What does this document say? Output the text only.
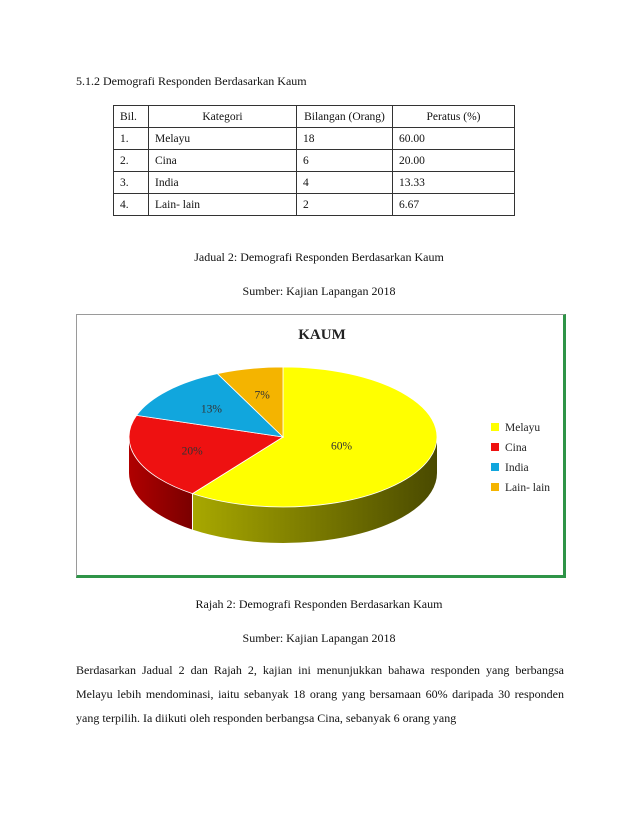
5.1.2 Demografi Responden Berdasarkan Kaum
Bil.	Kategori	Bilangan (Orang)	Peratus (%)
1.	Melayu	18	60.00
2.	Cina	6	20.00
3.	India	4	13.33
4.	Lain- lain	2	6.67
Jadual 2: Demografi Responden Berdasarkan Kaum
Sumber: Kajian Lapangan 2018
KAUM
60%
20%
13%
7%
Melayu
Cina
India
Lain- lain
Rajah 2: Demografi Responden Berdasarkan Kaum
Sumber: Kajian Lapangan 2018
Berdasarkan Jadual 2 dan Rajah 2, kajian ini menunjukkan bahawa responden yang berbangsa Melayu lebih mendominasi, iaitu sebanyak 18 orang yang bersamaan 60% daripada 30 responden yang terpilih. Ia diikuti oleh responden berbangsa Cina, sebanyak 6 orang yang
